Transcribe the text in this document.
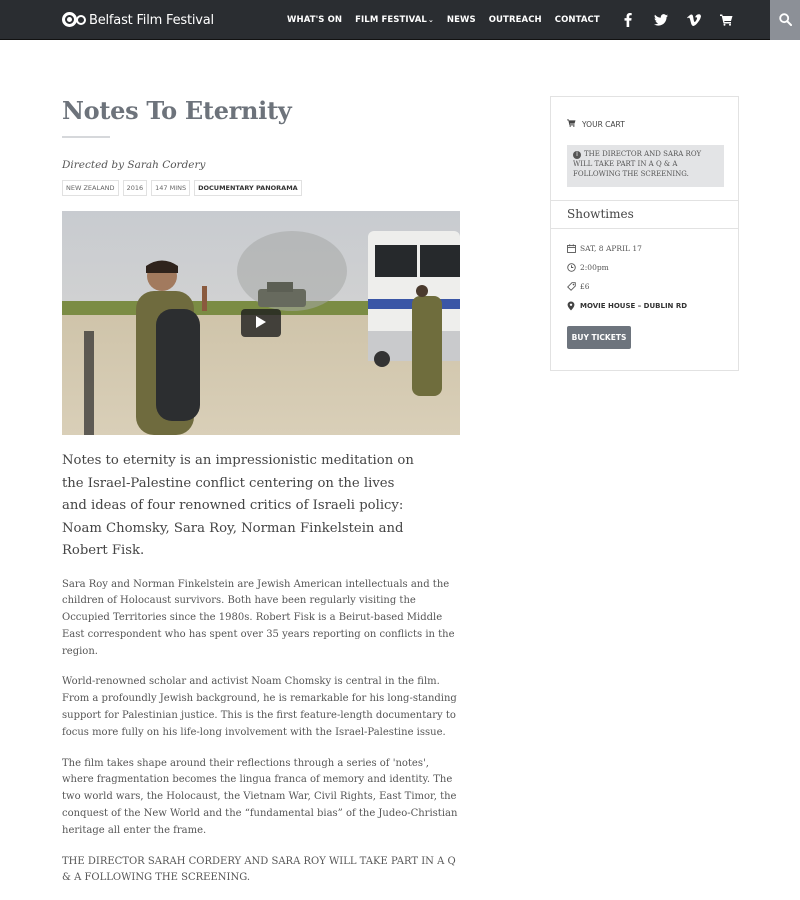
Belfast Film Festival	WHAT'S ON FILM FESTIVAL⌄ NEWS OUTREACH CONTACT
Notes To Eternity
Directed by Sarah Cordery
NEW ZEALAND	2016	147 MINS	DOCUMENTARY PANORAMA

Notes to eternity is an impressionistic meditation on the Israel-Palestine conflict centering on the lives and ideas of four renowned critics of Israeli policy: Noam Chomsky, Sara Roy, Norman Finkelstein and Robert Fisk.

Sara Roy and Norman Finkelstein are Jewish American intellectuals and the children of Holocaust survivors. Both have been regularly visiting the Occupied Territories since the 1980s. Robert Fisk is a Beirut-based Middle East correspondent who has spent over 35 years reporting on conflicts in the region.

World-renowned scholar and activist Noam Chomsky is central in the film. From a profoundly Jewish background, he is remarkable for his long-standing support for Palestinian justice. This is the first feature-length documentary to focus more fully on his life-long involvement with the Israel-Palestine issue.

The film takes shape around their reflections through a series of 'notes', where fragmentation becomes the lingua franca of memory and identity. The two world wars, the Holocaust, the Vietnam War, Civil Rights, East Timor, the conquest of the New World and the “fundamental bias” of the Judeo-Christian heritage all enter the frame.

THE DIRECTOR SARAH CORDERY AND SARA ROY WILL TAKE PART IN A Q & A FOLLOWING THE SCREENING.

YOUR CART
I THE DIRECTOR AND SARA ROY WILL TAKE PART IN A Q & A FOLLOWING THE SCREENING.
Showtimes
SAT, 8 APRIL 17
2:00pm
£6
MOVIE HOUSE – DUBLIN RD
BUY TICKETS
